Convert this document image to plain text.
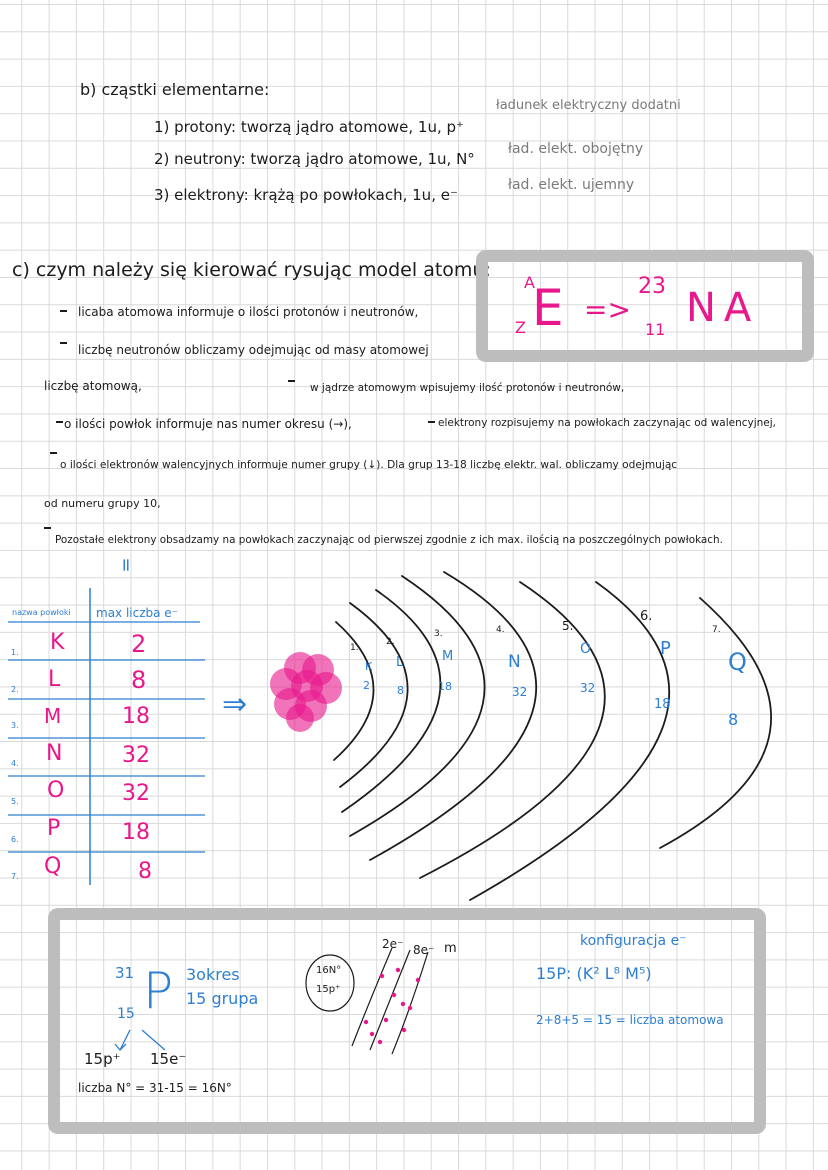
b) cząstki elementarne:
1) protony: tworzą jądro atomowe, 1u, p⁺
ładunek elektryczny dodatni
2) neutrony: tworzą jądro atomowe, 1u, N°
ład. elekt. obojętny
3) elektrony: krążą po powłokach, 1u, e⁻
ład. elekt. ujemny
c) czym należy się kierować rysując model atomu:
licaba atomowa informuje o ilości protonów i neutronów,
liczbę neutronów obliczamy odejmując od masy atomowej
liczbę atomową,	w jądrze atomowym wpisujemy ilość protonów i neutronów,
o ilości powłok informuje nas numer okresu (→),	elektrony rozpisujemy na powłokach zaczynając od walencyjnej,
o ilości elektronów walencyjnych informuje numer grupy (↓). Dla grup 13-18 liczbę elektr. wal. obliczamy odejmując
od numeru grupy 10,
Pozostałe elektrony obsadzamy na powłokach zaczynając od pierwszej zgodnie z ich max. ilością na poszczególnych powłokach.
=
A
Z E =>
23
11 NA
nazwa powłoki max liczba e⁻
1. K	2
2. L	8
3. M	18
4. N	32
5. O	32
6. P	18
7. Q	8
⇒
1.
K
2
2.
L
8
3.
M
18
4.
N
32
5.
O
32
6.
P
18
7.
Q
8
31
15 P 3okres
15 grupa
15p⁺ 15e⁻
liczba N° = 31-15 = 16N°
16N°
15p⁺
2e⁻ 8e⁻ m	konfiguracja e⁻
15P: (K² L⁸ M⁵)
2+8+5 = 15 = liczba atomowa
